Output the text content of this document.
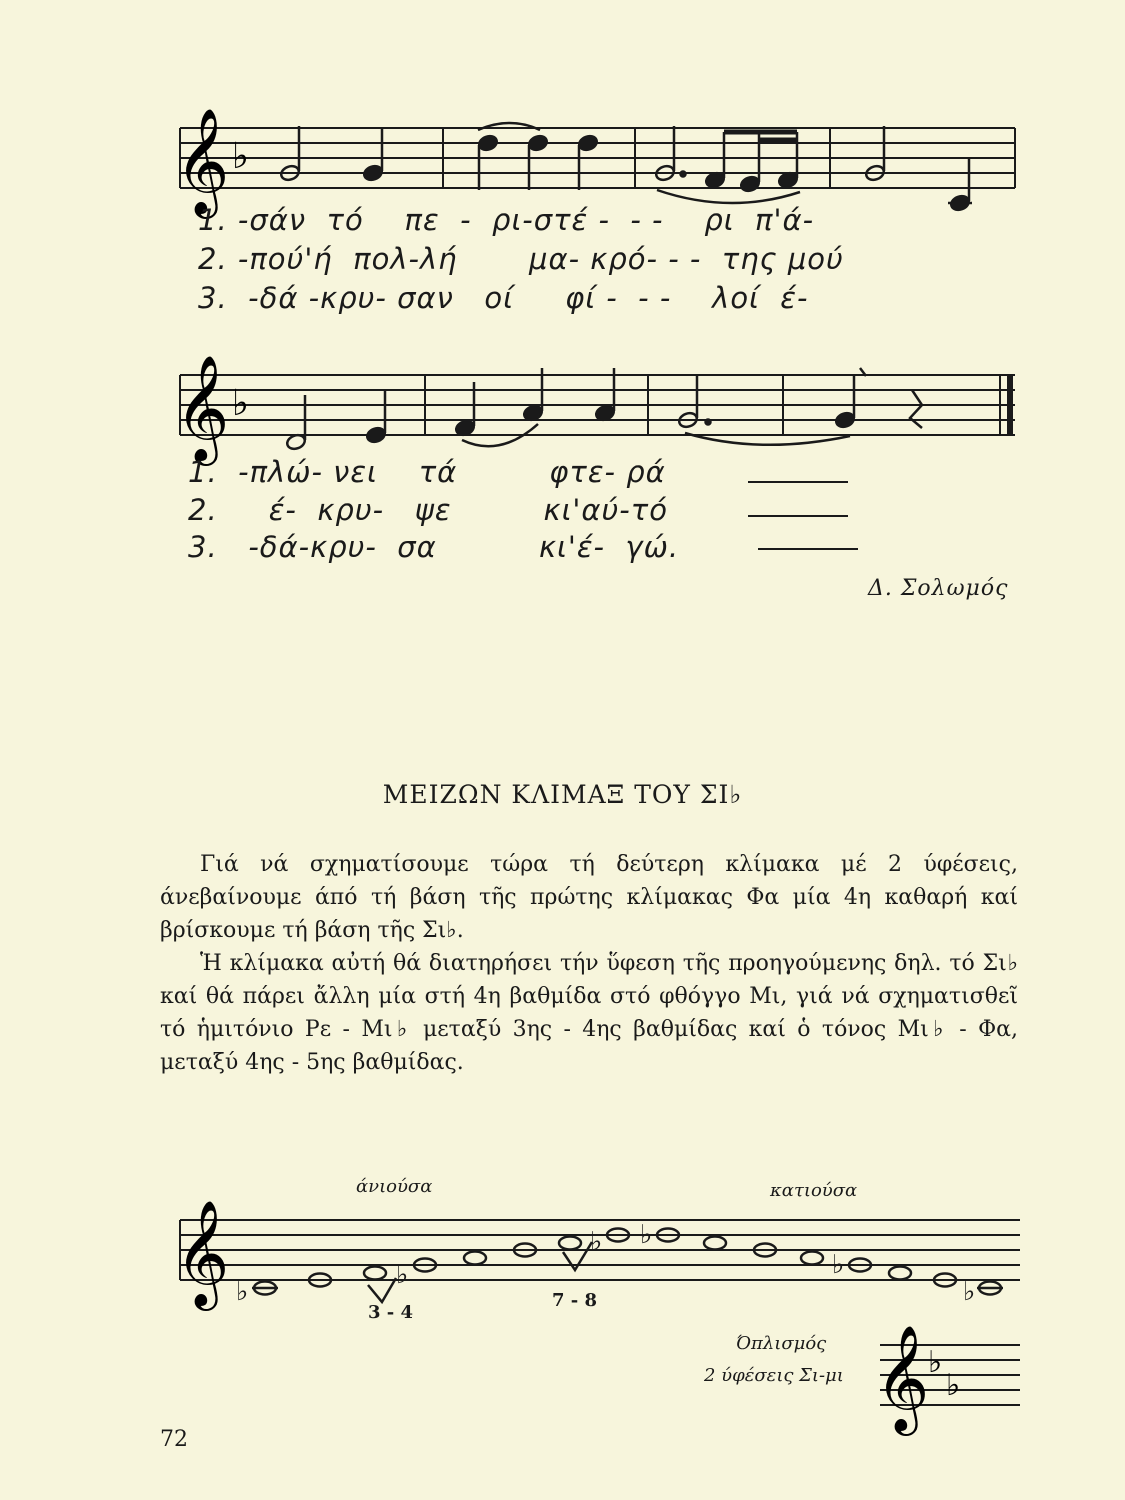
𝄞 ♭
1. -σάν  τό    πε  -  ρι-στέ -  - -    ρι  π'ά-
2. -πού'ή  πολ-λή       μα- κρό- - -  της μού
3.  -δά -κρυ- σαν   οί     φί -  - -    λοί  έ-
𝄞 ♭
1.  -πλώ- νει    τά         φτε- ρά
2.     έ-  κρυ-   ψε         κι'αύ-τό
3.   -δά-κρυ-  σα          κι'έ-  γώ.
Δ. Σολωμός
ΜΕΙΖΩΝ ΚΛΙΜΑΞ ΤΟΥ ΣΙ♭

Γιά νά σχηματίσουμε τώρα τή δεύτερη κλίμακα μέ 2 ύφέσεις, άνεβαίνουμε άπό τή βάση τῆς πρώτης κλίμακας Φα μία 4η καθαρή καί βρίσκουμε τή βάση τῆς Σι♭.

Ἡ κλίμακα αὐτή θά διατηρήσει τήν ὕφεση τῆς προηγούμενης δηλ. τό Σι♭ καί θά πάρει ἄλλη μία στή 4η βαθμίδα στό φθόγγο Μι, γιά νά σχηματισθεῖ τό ἡμιτόνιο Ρε - Μι♭ μεταξύ 3ης - 4ης βαθμίδας καί ὁ τόνος Μι♭ - Φα, μεταξύ 4ης - 5ης βαθμίδας.

άνιούσα	κατιούσα
𝄞 ♭
♭
♭ ♭
♭
♭
3 - 4
7 - 8
Όπλισμός
2 ύφέσεις Σι-μι 𝄞
♭
♭
72
